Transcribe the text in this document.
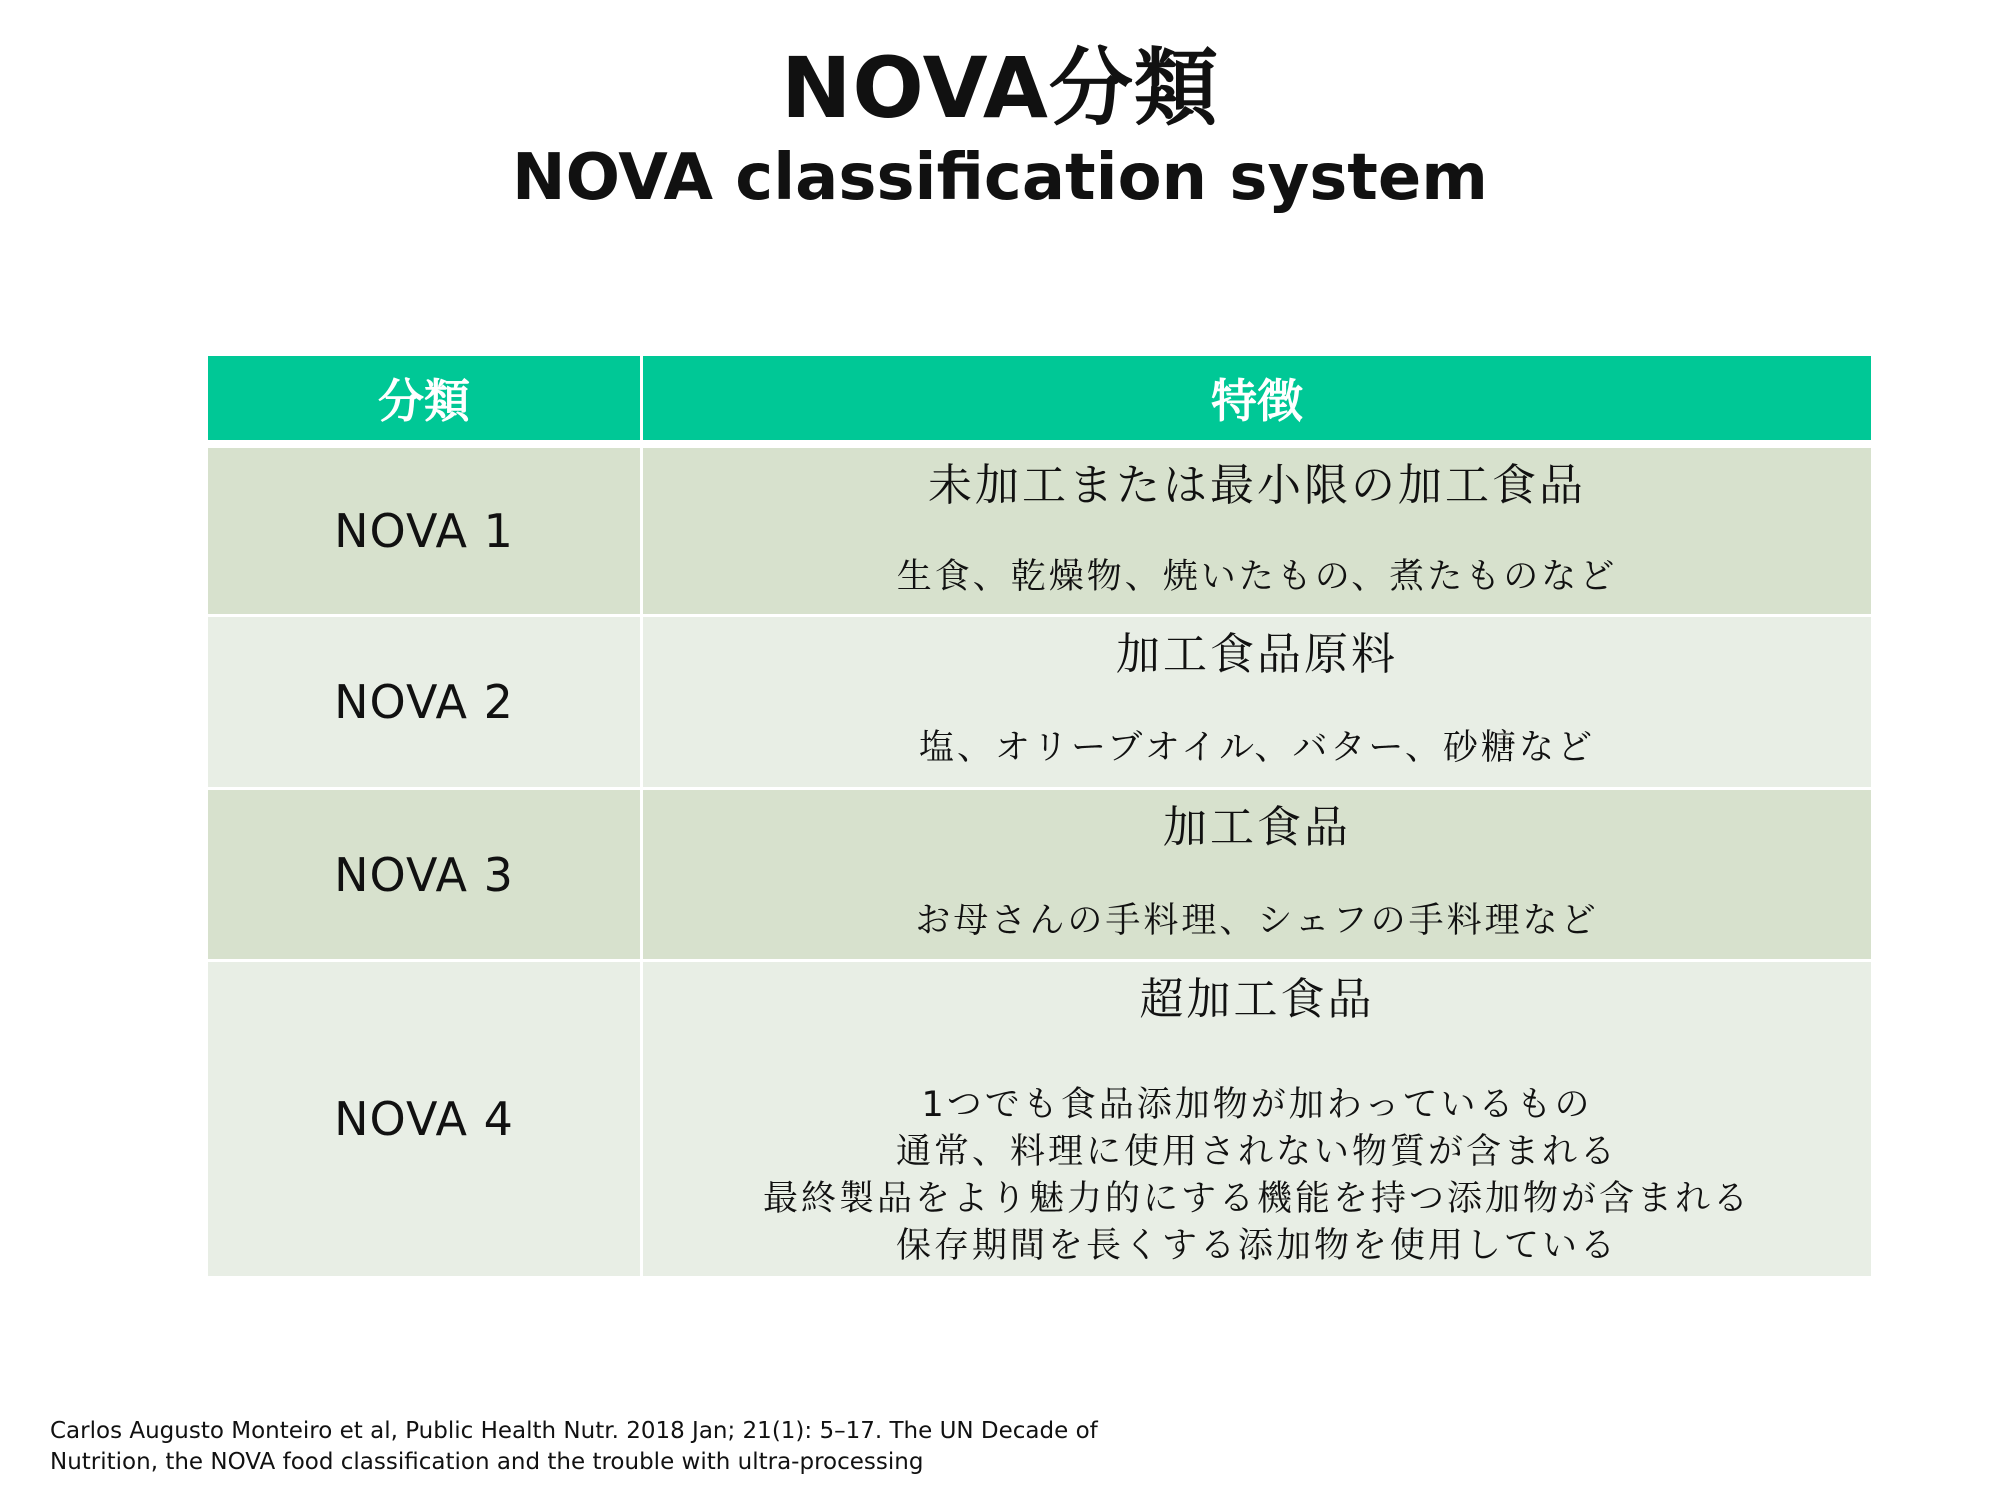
NOVA分類
NOVA classification system
分類	特徴
NOVA 1	未加工または最小限の加工食品
生食、乾燥物、焼いたもの、煮たものなど

NOVA 2	加工食品原料
塩、オリーブオイル、バター、砂糖など

NOVA 3	加工食品
お母さんの手料理、シェフの手料理など

NOVA 4	超加工食品
1つでも食品添加物が加わっているもの
通常、料理に使用されない物質が含まれる
最終製品をより魅力的にする機能を持つ添加物が含まれる
保存期間を長くする添加物を使用している
Carlos Augusto Monteiro et al, Public Health Nutr. 2018 Jan; 21(1): 5–17. The UN Decade of
Nutrition, the NOVA food classification and the trouble with ultra-processing
